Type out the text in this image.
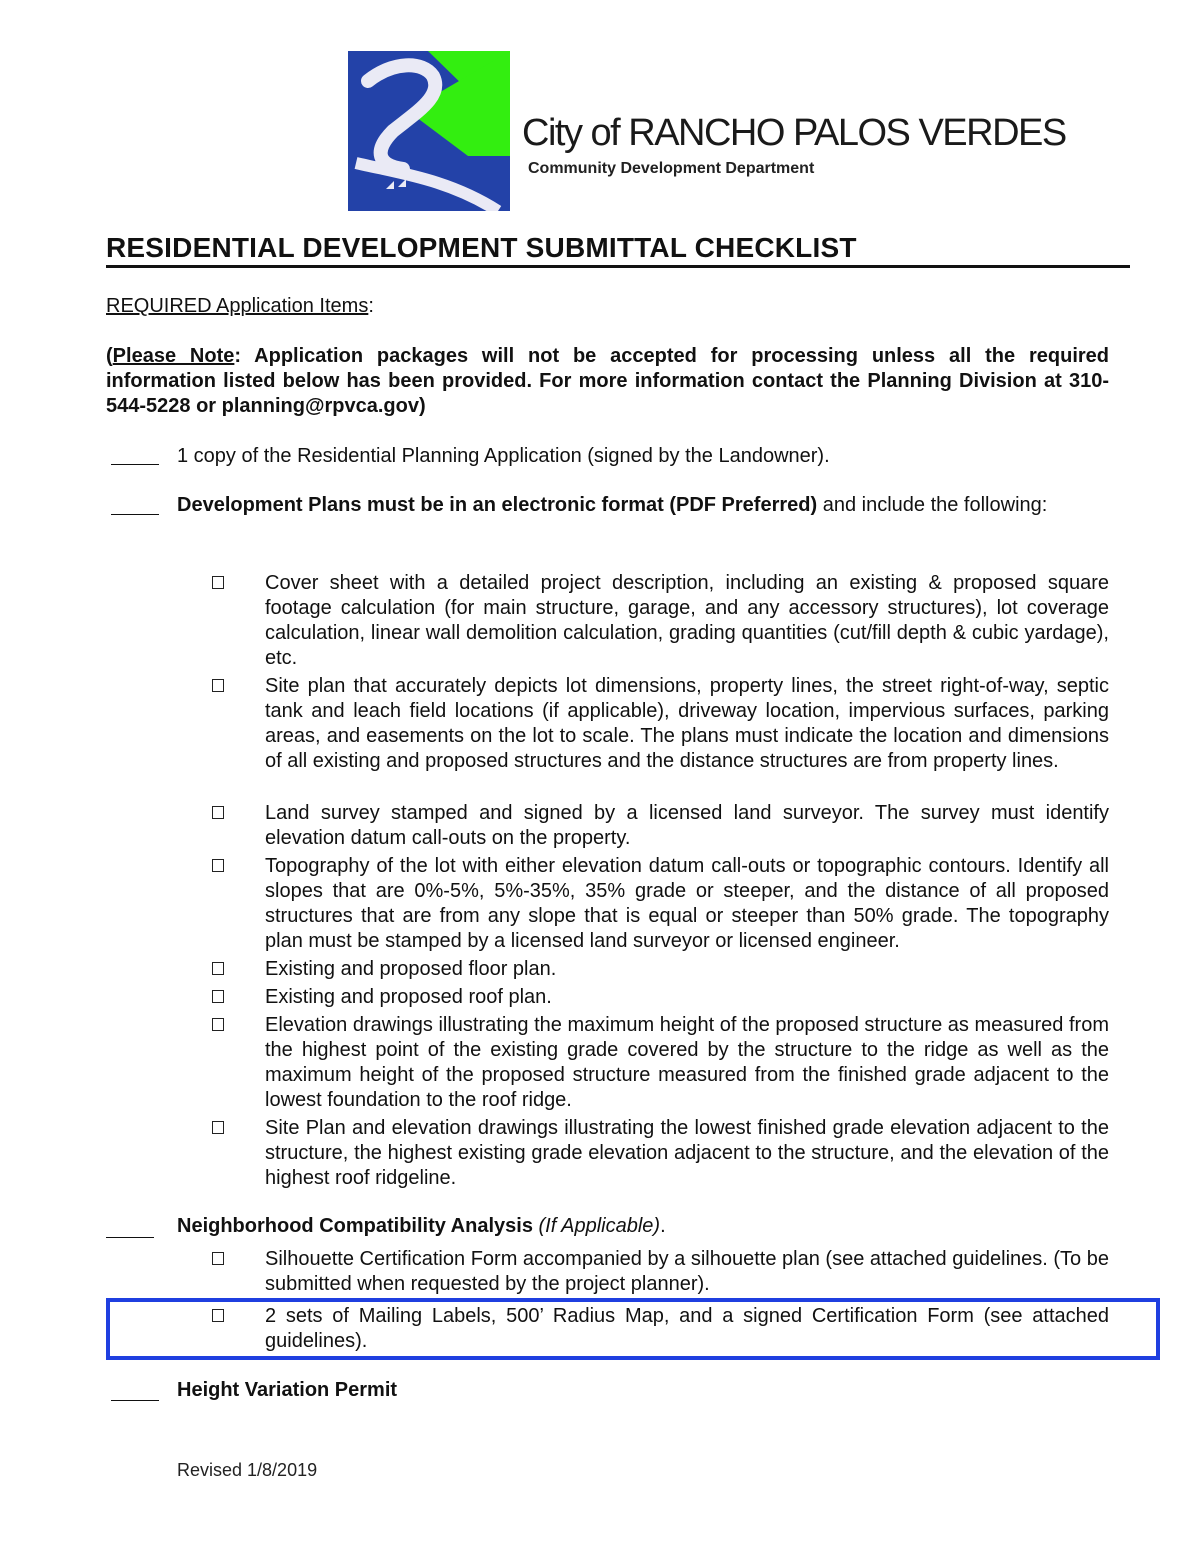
City of RANCHO PALOS VERDES
Community Development Department
RESIDENTIAL DEVELOPMENT SUBMITTAL CHECKLIST
REQUIRED Application Items:
(Please Note: Application packages will not be accepted for processing unless all the required information listed below has been provided. For more information contact the Planning Division at 310-544-5228 or planning@rpvca.gov)
1 copy of the Residential Planning Application (signed by the Landowner).
Development Plans must be in an electronic format (PDF Preferred) and include the following:
Cover sheet with a detailed project description, including an existing & proposed square footage calculation (for main structure, garage, and any accessory structures), lot coverage calculation, linear wall demolition calculation, grading quantities (cut/fill depth & cubic yardage), etc.
Site plan that accurately depicts lot dimensions, property lines, the street right-of-way, septic tank and leach field locations (if applicable), driveway location, impervious surfaces, parking areas, and easements on the lot to scale. The plans must indicate the location and dimensions of all existing and proposed structures and the distance structures are from property lines.
Land survey stamped and signed by a licensed land surveyor. The survey must identify elevation datum call-outs on the property.
Topography of the lot with either elevation datum call-outs or topographic contours. Identify all slopes that are 0%-5%, 5%-35%, 35% grade or steeper, and the distance of all proposed structures that are from any slope that is equal or steeper than 50% grade. The topography plan must be stamped by a licensed land surveyor or licensed engineer.
Existing and proposed floor plan.
Existing and proposed roof plan.
Elevation drawings illustrating the maximum height of the proposed structure as measured from the highest point of the existing grade covered by the structure to the ridge as well as the maximum height of the proposed structure measured from the finished grade adjacent to the lowest foundation to the roof ridge.
Site Plan and elevation drawings illustrating the lowest finished grade elevation adjacent to the structure, the highest existing grade elevation adjacent to the structure, and the elevation of the highest roof ridgeline.
Neighborhood Compatibility Analysis (If Applicable).
Silhouette Certification Form accompanied by a silhouette plan (see attached guidelines. (To be submitted when requested by the project planner).
2 sets of Mailing Labels, 500’ Radius Map, and a signed Certification Form (see attached guidelines).
Height Variation Permit
Revised 1/8/2019
